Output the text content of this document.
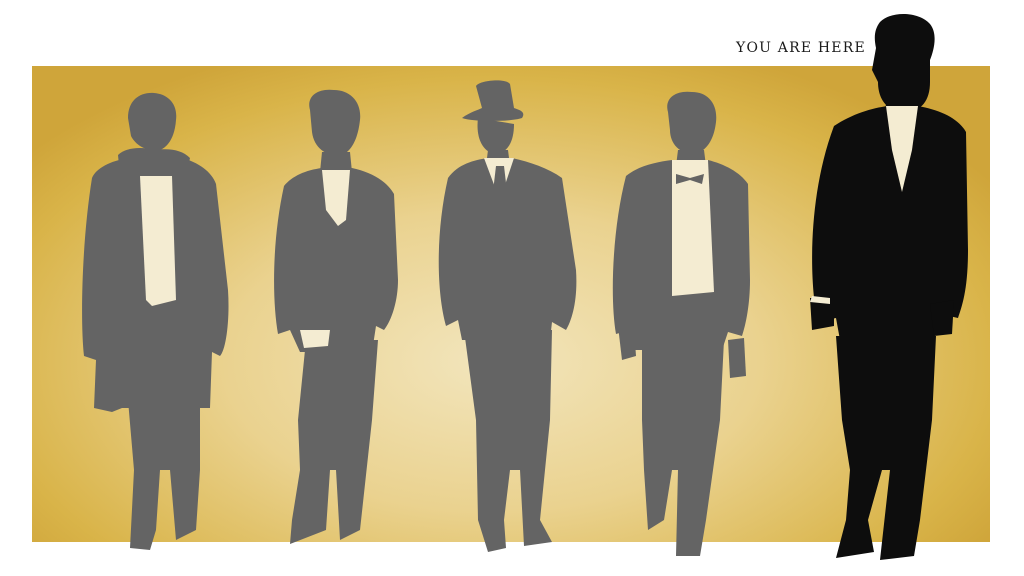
YOU ARE HERE
